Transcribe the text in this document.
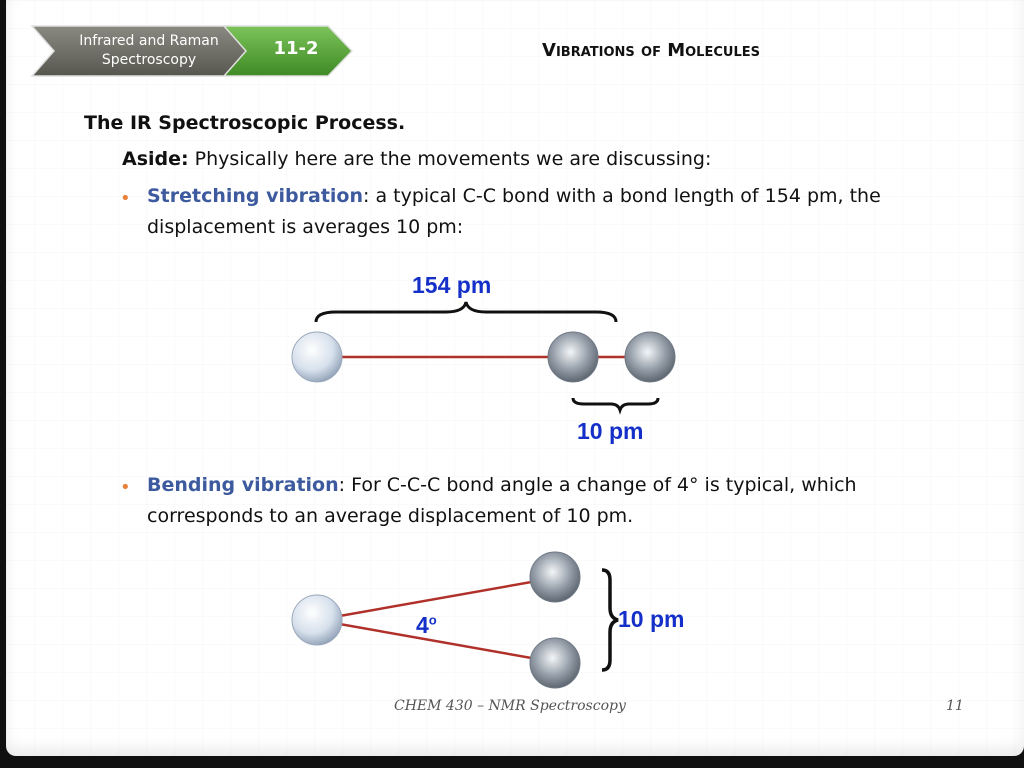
Infrared and Raman
Spectroscopy
11-2	Vibrations of Molecules
The IR Spectroscopic Process.
Aside: Physically here are the movements we are discussing:
• Stretching vibration: a typical C-C bond with a bond length of 154 pm, the
displacement is averages 10 pm:
• Bending vibration: For C-C-C bond angle a change of 4° is typical, which
corresponds to an average displacement of 10 pm.
154 pm
10 pm
4$^o$	10 pm
CHEM 430 – NMR Spectroscopy	11
